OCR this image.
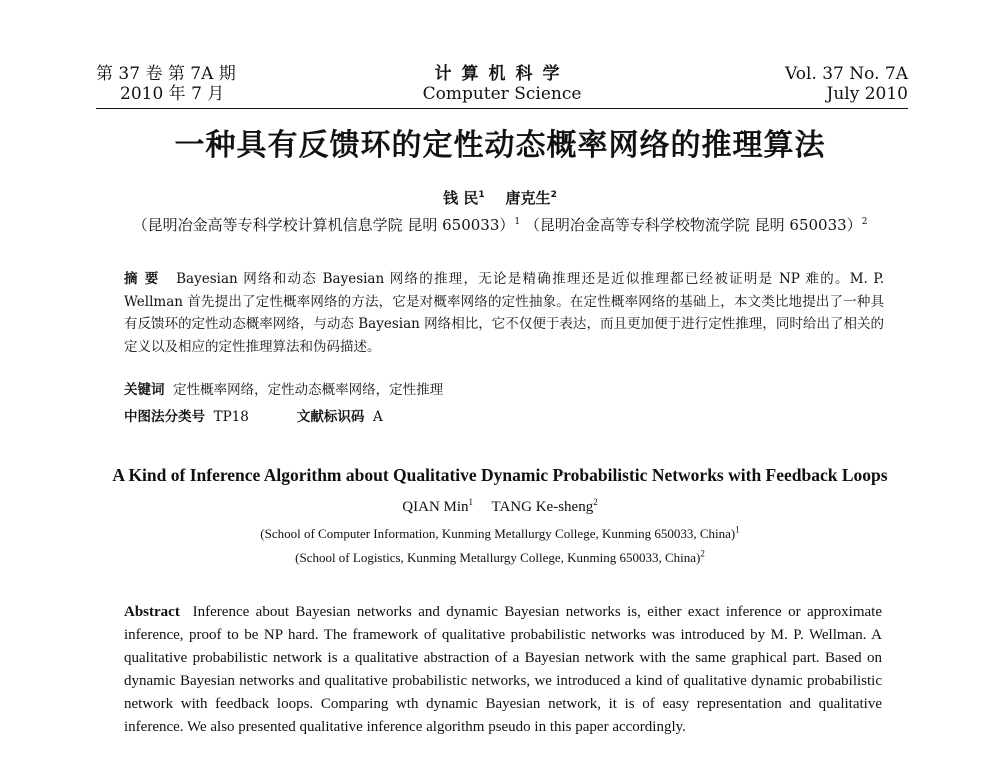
第 37 卷 第 7A 期
2010 年 7 月
计算机科学
Computer Science
Vol. 37 No. 7A
July 2010
一种具有反馈环的定性动态概率网络的推理算法
钱 民$^1$ 唐克生$^2$
（昆明冶金高等专科学校计算机信息学院 昆明 650033）$^1$ （昆明冶金高等专科学校物流学院 昆明 650033）$^2$
摘 要 Bayesian 网络和动态 Bayesian 网络的推理，无论是精确推理还是近似推理都已经被证明是 NP 难的。M. P. Wellman 首先提出了定性概率网络的方法，它是对概率网络的定性抽象。在定性概率网络的基础上，本文类比地提出了一种具有反馈环的定性动态概率网络，与动态 Bayesian 网络相比，它不仅便于表达，而且更加便于进行定性推理，同时给出了相关的定义以及相应的定性推理算法和伪码描述。
关键词 定性概率网络，定性动态概率网络，定性推理
中图法分类号 TP18	文献标识码 A
A Kind of Inference Algorithm about Qualitative Dynamic Probabilistic Networks with Feedback Loops
QIAN Min$^1$ TANG Ke-sheng$^2$
(School of Computer Information, Kunming Metallurgy College, Kunming 650033, China)$^1$
(School of Logistics, Kunming Metallurgy College, Kunming 650033, China)$^2$
Abstract Inference about Bayesian networks and dynamic Bayesian networks is, either exact inference or approximate inference, proof to be NP hard. The framework of qualitative probabilistic networks was introduced by M. P. Wellman. A qualitative probabilistic network is a qualitative abstraction of a Bayesian network with the same graphical part. Based on dynamic Bayesian networks and qualitative probabilistic networks, we introduced a kind of qualitative dynamic probabilistic network with feedback loops. Comparing wth dynamic Bayesian network, it is of easy representation and qualitative inference. We also presented qualitative inference algorithm pseudo in this paper accordingly.
